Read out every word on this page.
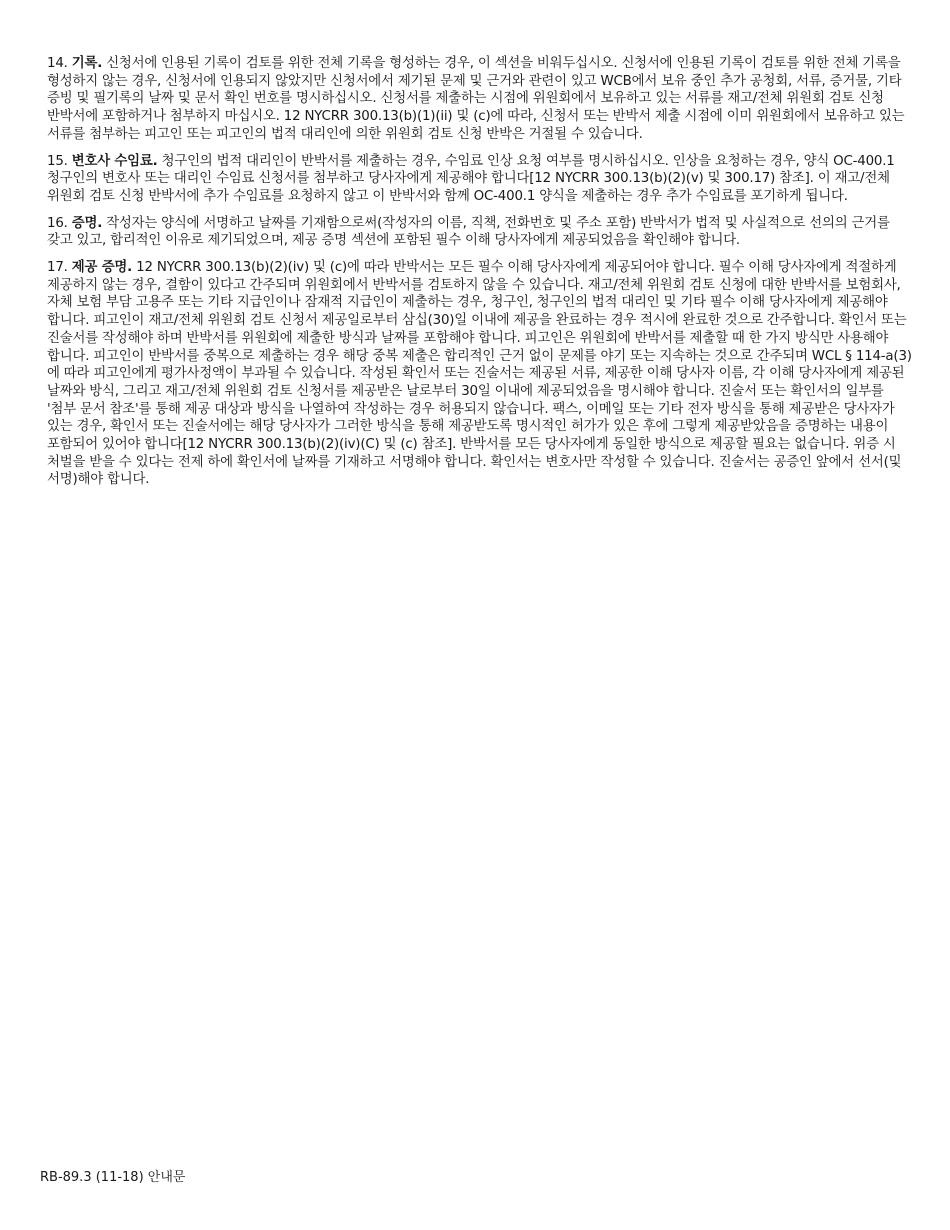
14. 기록. 신청서에 인용된 기록이 검토를 위한 전체 기록을 형성하는 경우, 이 섹션을 비워두십시오. 신청서에 인용된 기록이 검토를 위한 전체 기록을 형성하지 않는 경우, 신청서에 인용되지 않았지만 신청서에서 제기된 문제 및 근거와 관련이 있고 WCB에서 보유 중인 추가 공청회, 서류, 증거물, 기타 증빙 및 필기록의 날짜 및 문서 확인 번호를 명시하십시오. 신청서를 제출하는 시점에 위원회에서 보유하고 있는 서류를 재고/전체 위원회 검토 신청 반박서에 포함하거나 첨부하지 마십시오. 12 NYCRR 300.13(b)(1)(ii) 및 (c)에 따라, 신청서 또는 반박서 제출 시점에 이미 위원회에서 보유하고 있는 서류를 첨부하는 피고인 또는 피고인의 법적 대리인에 의한 위원회 검토 신청 반박은 거절될 수 있습니다.

15. 변호사 수임료. 청구인의 법적 대리인이 반박서를 제출하는 경우, 수임료 인상 요청 여부를 명시하십시오. 인상을 요청하는 경우, 양식 OC-400.1 청구인의 변호사 또는 대리인 수임료 신청서를 첨부하고 당사자에게 제공해야 합니다[12 NYCRR 300.13(b)(2)(v) 및 300.17) 참조]. 이 재고/전체 위원회 검토 신청 반박서에 추가 수임료를 요청하지 않고 이 반박서와 함께 OC-400.1 양식을 제출하는 경우 추가 수임료를 포기하게 됩니다.

16. 증명. 작성자는 양식에 서명하고 날짜를 기재함으로써(작성자의 이름, 직책, 전화번호 및 주소 포함) 반박서가 법적 및 사실적으로 선의의 근거를 갖고 있고, 합리적인 이유로 제기되었으며, 제공 증명 섹션에 포함된 필수 이해 당사자에게 제공되었음을 확인해야 합니다.

17. 제공 증명. 12 NYCRR 300.13(b)(2)(iv) 및 (c)에 따라 반박서는 모든 필수 이해 당사자에게 제공되어야 합니다. 필수 이해 당사자에게 적절하게 제공하지 않는 경우, 결함이 있다고 간주되며 위원회에서 반박서를 검토하지 않을 수 있습니다. 재고/전체 위원회 검토 신청에 대한 반박서를 보험회사, 자체 보험 부담 고용주 또는 기타 지급인이나 잠재적 지급인이 제출하는 경우, 청구인, 청구인의 법적 대리인 및 기타 필수 이해 당사자에게 제공해야 합니다. 피고인이 재고/전체 위원회 검토 신청서 제공일로부터 삼십(30)일 이내에 제공을 완료하는 경우 적시에 완료한 것으로 간주합니다. 확인서 또는 진술서를 작성해야 하며 반박서를 위원회에 제출한 방식과 날짜를 포함해야 합니다. 피고인은 위원회에 반박서를 제출할 때 한 가지 방식만 사용해야 합니다. 피고인이 반박서를 중복으로 제출하는 경우 해당 중복 제출은 합리적인 근거 없이 문제를 야기 또는 지속하는 것으로 간주되며 WCL § 114-a(3)에 따라 피고인에게 평가사정액이 부과될 수 있습니다. 작성된 확인서 또는 진술서는 제공된 서류, 제공한 이해 당사자 이름, 각 이해 당사자에게 제공된 날짜와 방식, 그리고 재고/전체 위원회 검토 신청서를 제공받은 날로부터 30일 이내에 제공되었음을 명시해야 합니다. 진술서 또는 확인서의 일부를 '첨부 문서 참조'를 통해 제공 대상과 방식을 나열하여 작성하는 경우 허용되지 않습니다. 팩스, 이메일 또는 기타 전자 방식을 통해 제공받은 당사자가 있는 경우, 확인서 또는 진술서에는 해당 당사자가 그러한 방식을 통해 제공받도록 명시적인 허가가 있은 후에 그렇게 제공받았음을 증명하는 내용이 포함되어 있어야 합니다[12 NYCRR 300.13(b)(2)(iv)(C) 및 (c) 참조]. 반박서를 모든 당사자에게 동일한 방식으로 제공할 필요는 없습니다. 위증 시 처벌을 받을 수 있다는 전제 하에 확인서에 날짜를 기재하고 서명해야 합니다. 확인서는 변호사만 작성할 수 있습니다. 진술서는 공증인 앞에서 선서(및 서명)해야 합니다.

RB-89.3 (11-18) 안내문
